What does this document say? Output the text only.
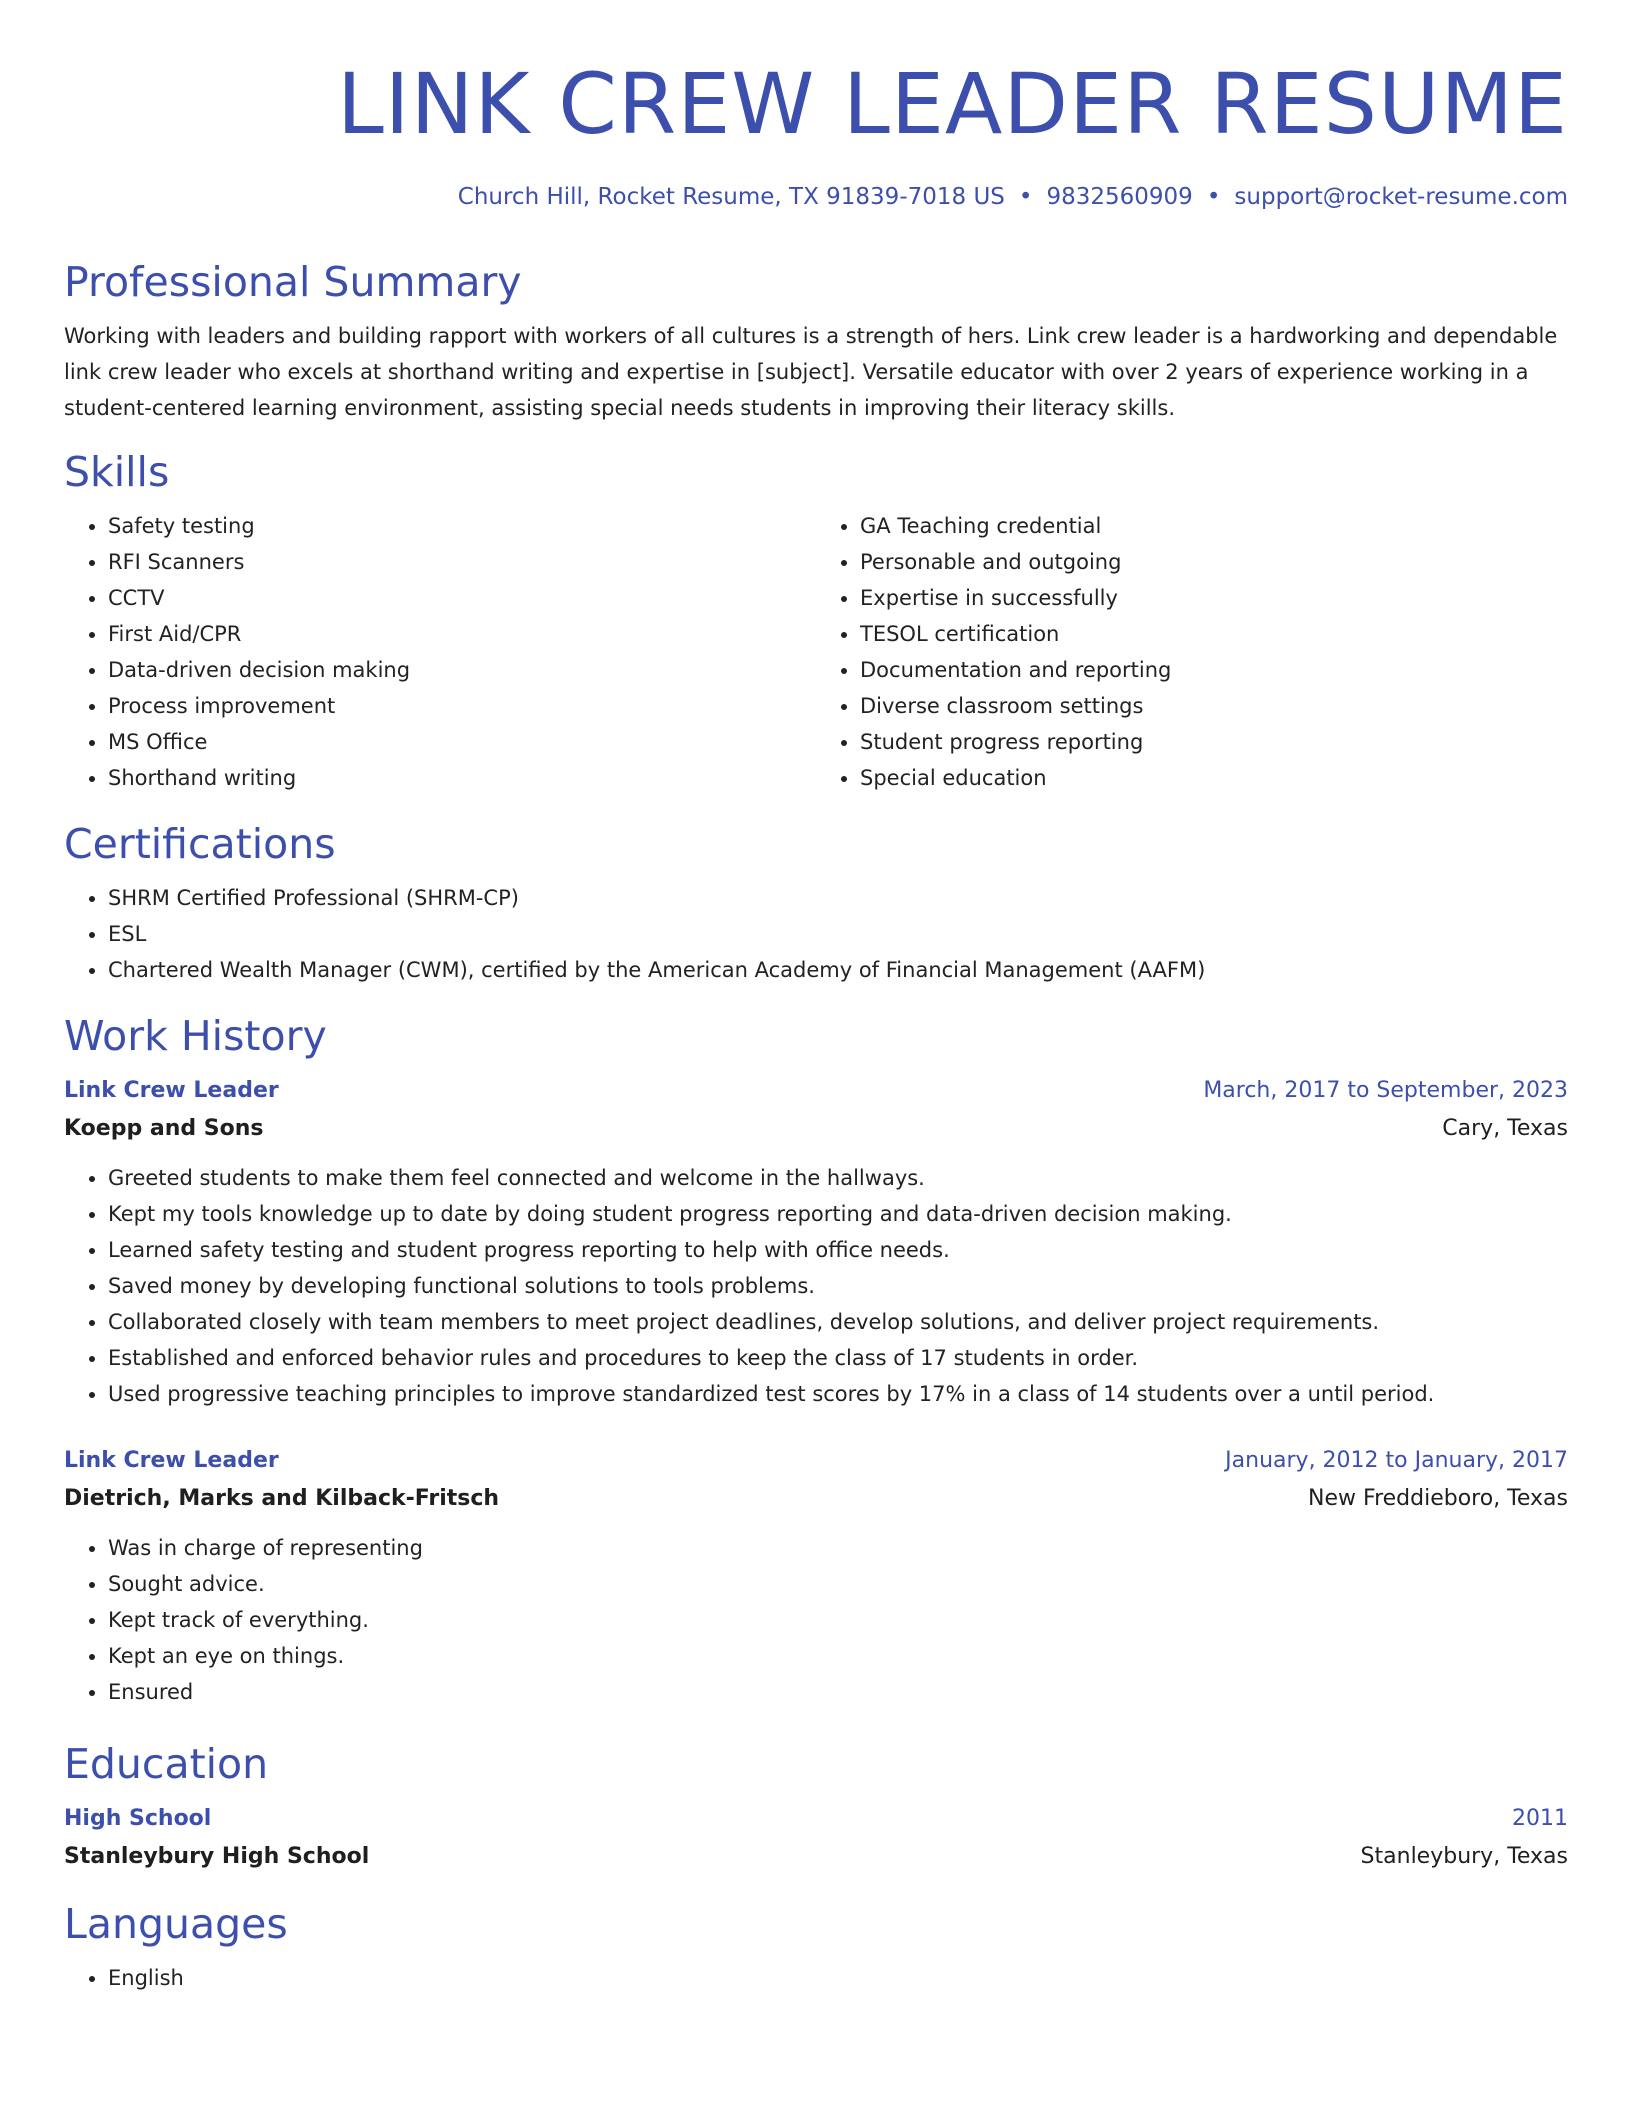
LINK CREW LEADER RESUME
Church Hill, Rocket Resume, TX 91839-7018 US • 9832560909 • support@rocket-resume.com
Professional Summary

Working with leaders and building rapport with workers of all cultures is a strength of hers. Link crew leader is a hardworking and dependable link crew leader who excels at shorthand writing and expertise in [subject]. Versatile educator with over 2 years of experience working in a student-centered learning environment, assisting special needs students in improving their literacy skills.

Skills
• Safety testing
• RFI Scanners
• CCTV
• First Aid/CPR
• Data-driven decision making
• Process improvement
• MS Office
• Shorthand writing
• GA Teaching credential
• Personable and outgoing
• Expertise in successfully
• TESOL certification
• Documentation and reporting
• Diverse classroom settings
• Student progress reporting
• Special education
Certifications
• SHRM Certified Professional (SHRM-CP)
• ESL
• Chartered Wealth Manager (CWM), certified by the American Academy of Financial Management (AAFM)
Work History
Link Crew Leader	March, 2017 to September, 2023
Koepp and Sons	Cary, Texas
• Greeted students to make them feel connected and welcome in the hallways.
• Kept my tools knowledge up to date by doing student progress reporting and data-driven decision making.
• Learned safety testing and student progress reporting to help with office needs.
• Saved money by developing functional solutions to tools problems.
• Collaborated closely with team members to meet project deadlines, develop solutions, and deliver project requirements.
• Established and enforced behavior rules and procedures to keep the class of 17 students in order.
• Used progressive teaching principles to improve standardized test scores by 17% in a class of 14 students over a until period.
Link Crew Leader	January, 2012 to January, 2017
Dietrich, Marks and Kilback-Fritsch	New Freddieboro, Texas
• Was in charge of representing
• Sought advice.
• Kept track of everything.
• Kept an eye on things.
• Ensured
Education
High School	2011
Stanleybury High School	Stanleybury, Texas
Languages
• English
